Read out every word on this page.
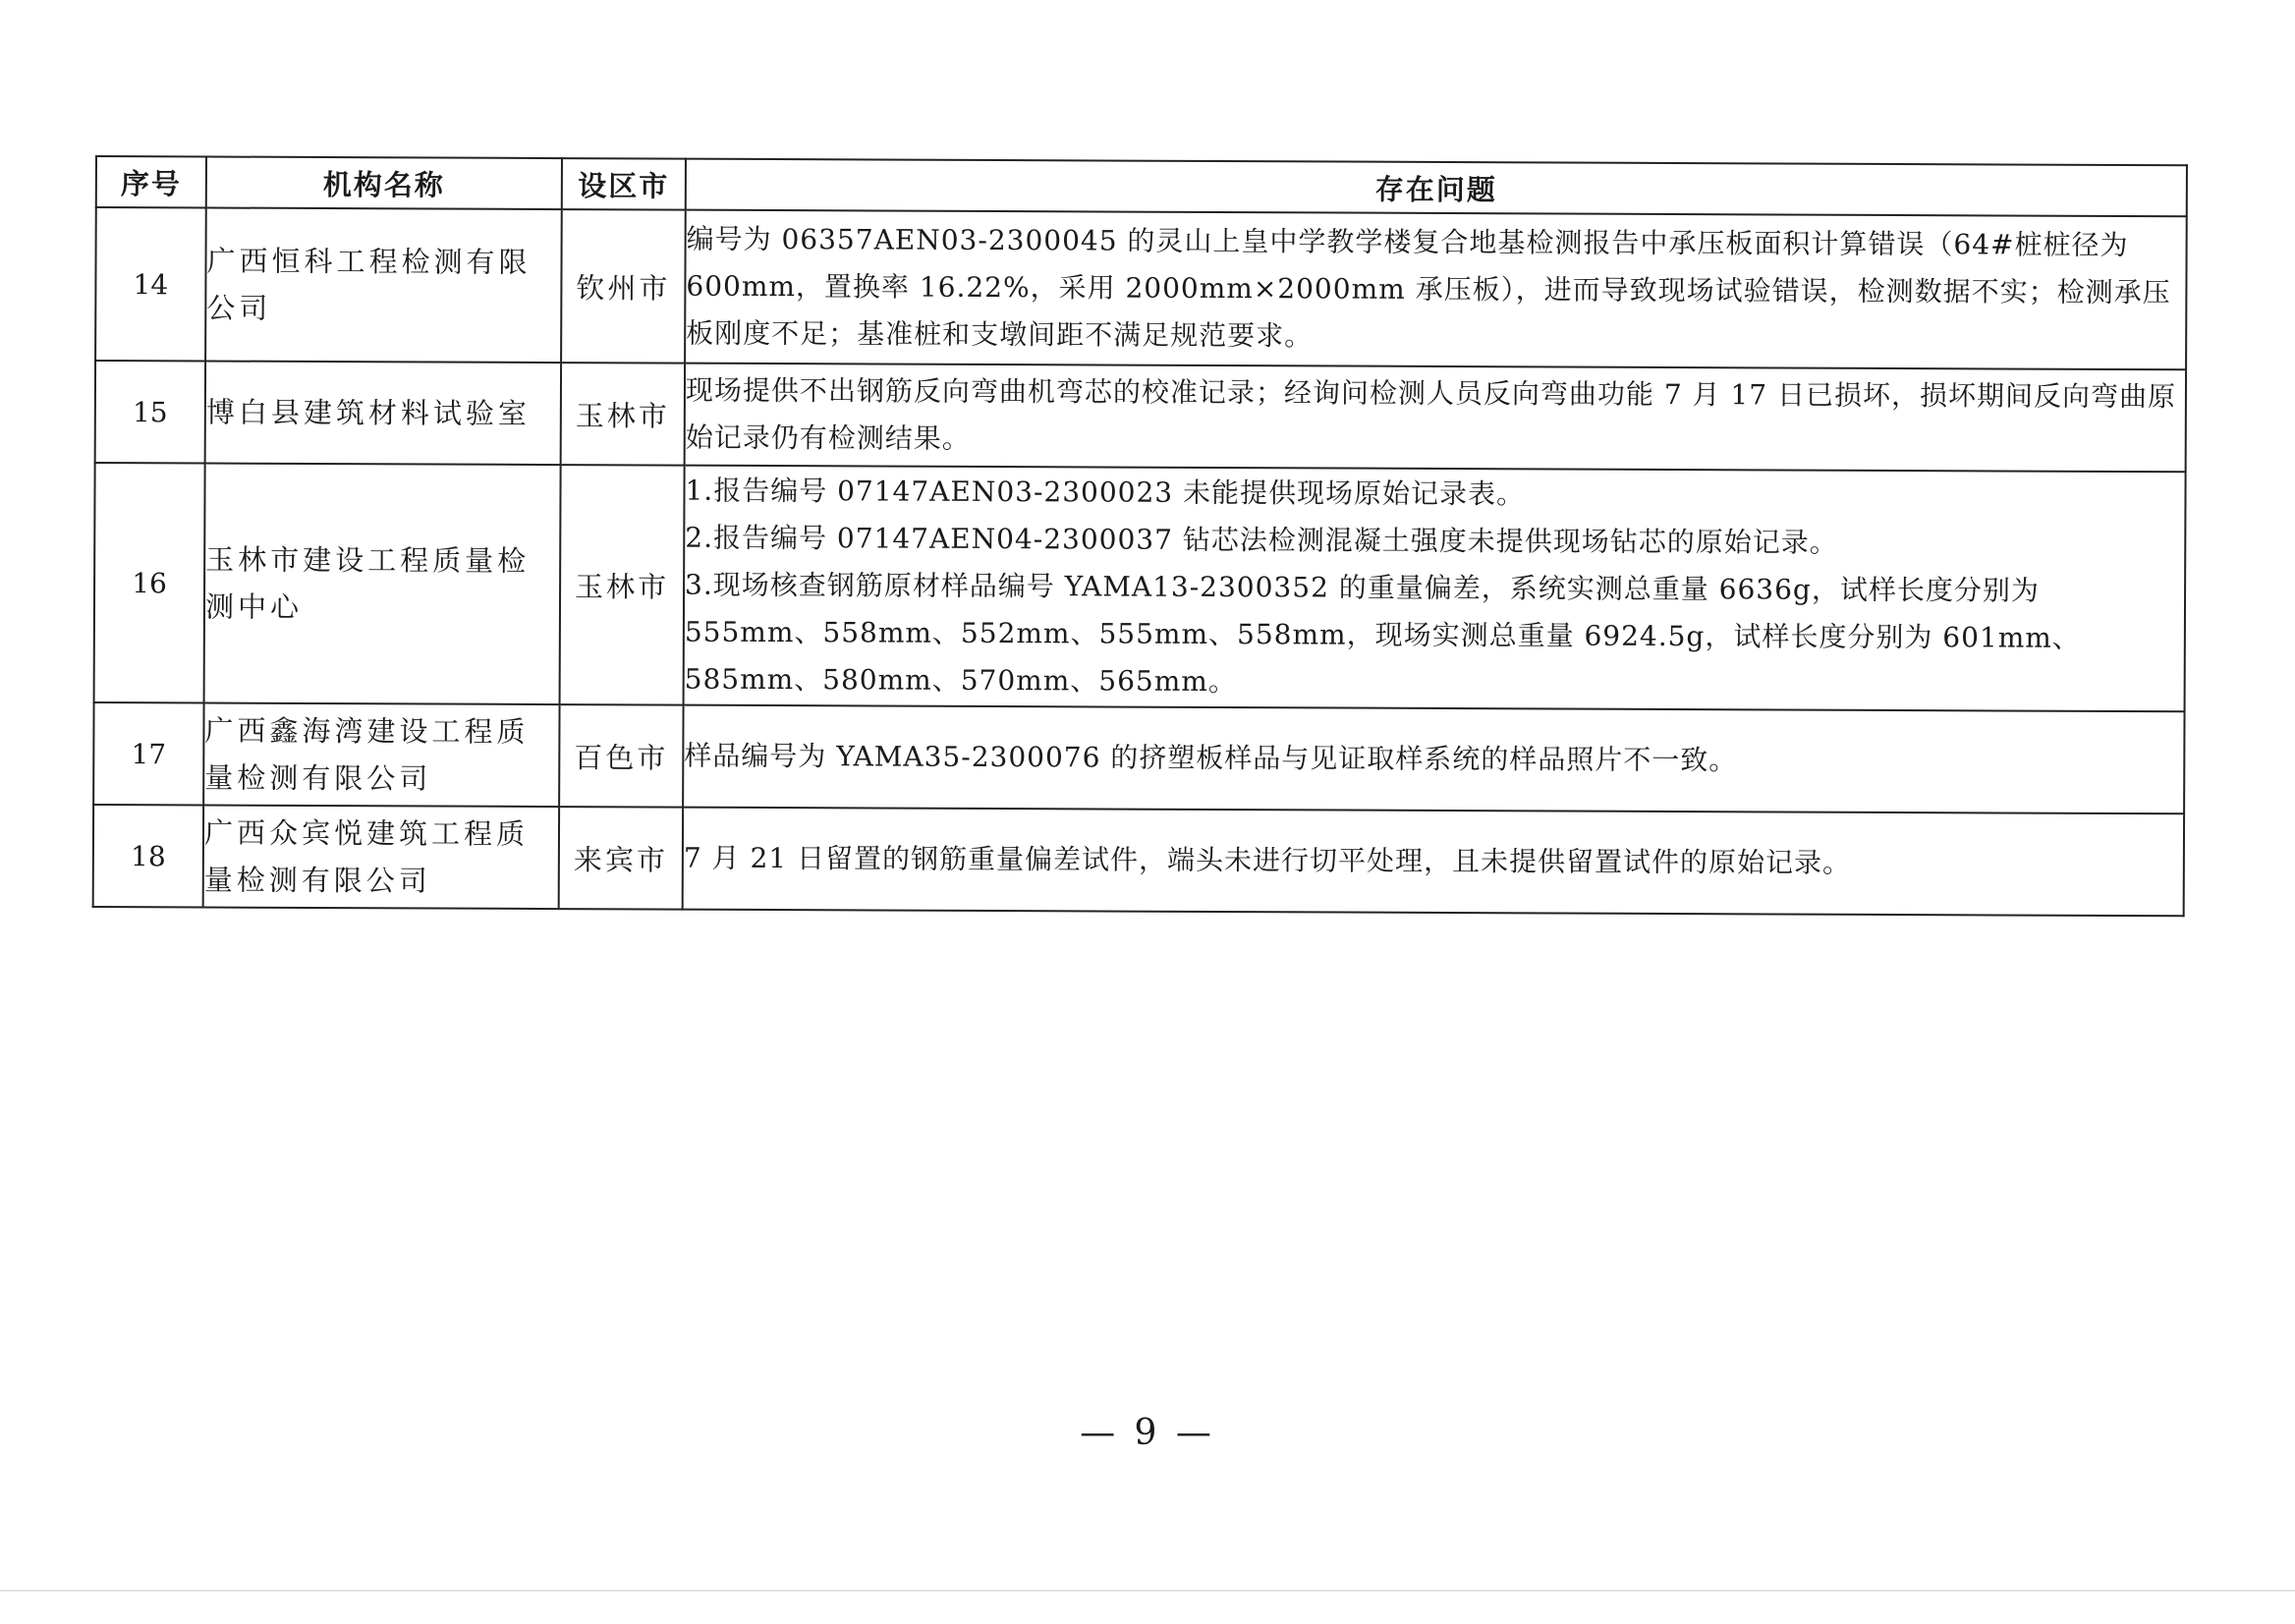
序号	机构名称	设区市	存在问题
14	广西恒科工程检测有限公司	钦州市	编号为 06357AEN03-2300045 的灵山上皇中学教学楼复合地基检测报告中承压板面积计算错误（64#桩桩径为 600mm，置换率 16.22%，采用 2000mm×2000mm 承压板），进而导致现场试验错误，检测数据不实；检测承压板刚度不足；基准桩和支墩间距不满足规范要求。

15	博白县建筑材料试验室	玉林市	现场提供不出钢筋反向弯曲机弯芯的校准记录；经询问检测人员反向弯曲功能 7 月 17 日已损坏，损坏期间反向弯曲原始记录仍有检测结果。

16	玉林市建设工程质量检测中心	玉林市	1.报告编号 07147AEN03-2300023 未能提供现场原始记录表。
2.报告编号 07147AEN04-2300037 钻芯法检测混凝土强度未提供现场钻芯的原始记录。
3.现场核查钢筋原材样品编号 YAMA13-2300352 的重量偏差，系统实测总重量 6636g，试样长度分别为 555mm、558mm、552mm、555mm、558mm，现场实测总重量 6924.5g，试样长度分别为 601mm、585mm、580mm、570mm、565mm。

17	广西鑫海湾建设工程质量检测有限公司	百色市	样品编号为 YAMA35-2300076 的挤塑板样品与见证取样系统的样品照片不一致。

18	广西众宾悦建筑工程质量检测有限公司	来宾市	7 月 21 日留置的钢筋重量偏差试件，端头未进行切平处理，且未提供留置试件的原始记录。
— 9 —
